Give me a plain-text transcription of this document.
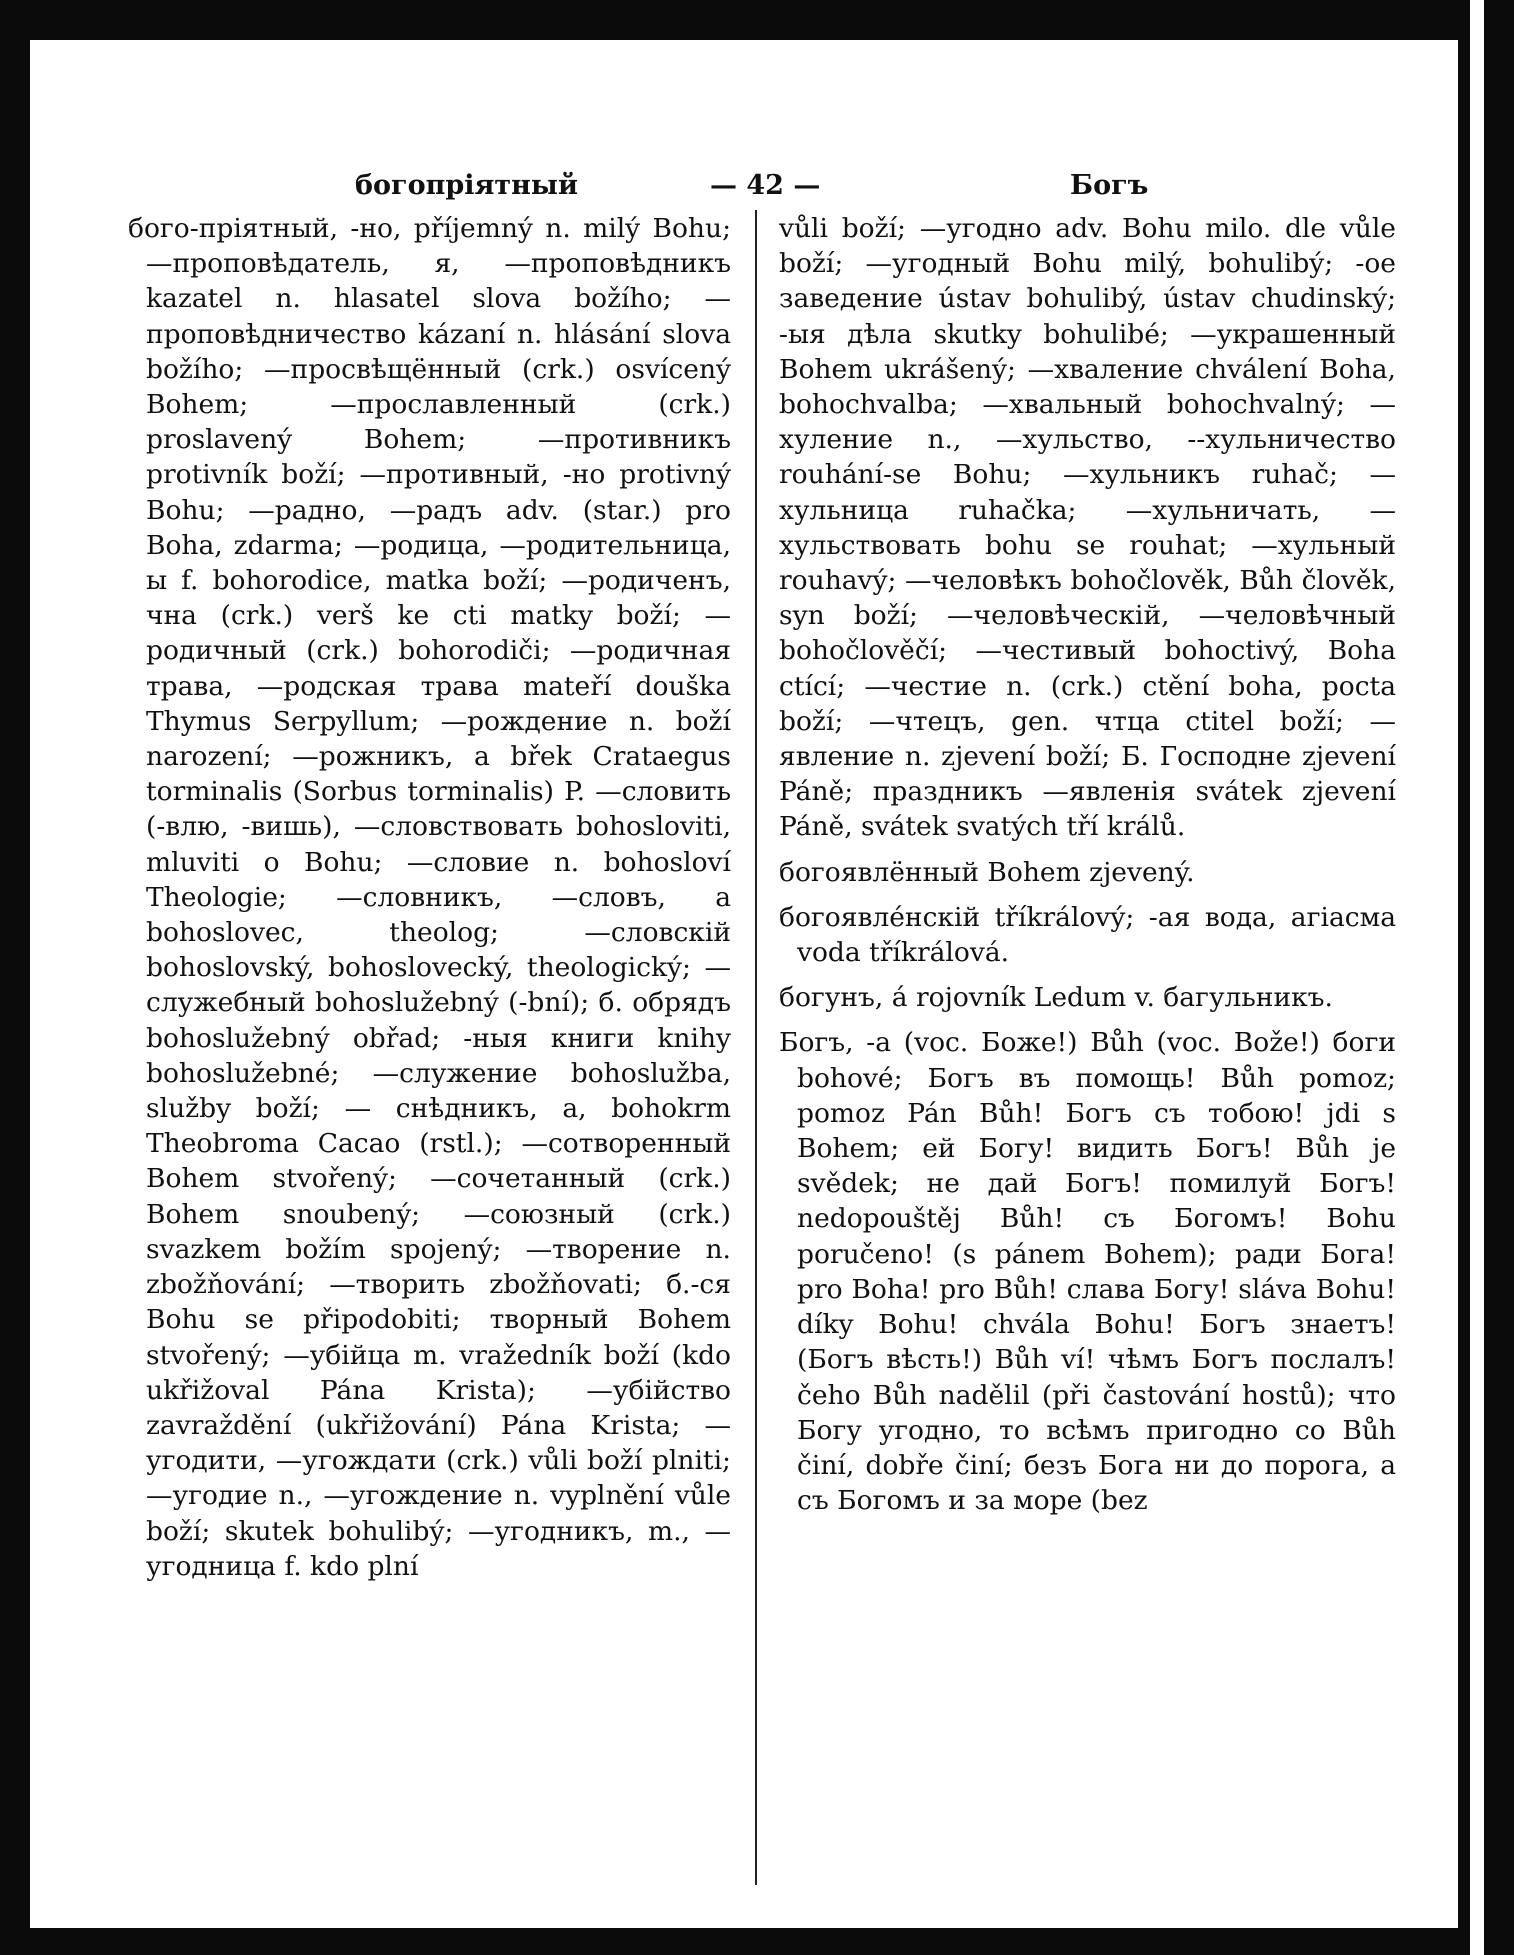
богопріятный	— 42 —	Богъ

бого-пріятный, -но, příjemný n. milý Bohu; —проповѣдатель, я, —проповѣдникъ kazatel n. hlasatel slova božího; —проповѣдничество kázaní n. hlásání slova božího; —просвѣщённый (crk.) osvícený Bohem; —прославленный (crk.) proslavený Bohem; —противникъ protivník boží; —противный, -но protivný Bohu; —радно, —радъ adv. (star.) pro Boha, zdarma; —родица, —родительница, ы f. bohorodice, matka boží; —родиченъ, чна (crk.) verš ke cti matky boží; —родичный (crk.) bohorodiči; —родичная трава, —родская трава mateří douška Thymus Serpyllum; —рождение n. boží narození; —рожникъ, a břek Crataegus torminalis (Sorbus torminalis) P. —словить (-влю, -вишь), —словствовать bohosloviti, mluviti o Bohu; —словие n. bohosloví Theologie; —словникъ, —словъ, a bohoslovec, theolog; —словскій bohoslovský, bohoslovecký, theologický; —служебный bohoslužebný (-bní); б. обрядъ bohoslužebný obřad; -ныя книги knihy bohoslužebné; —служение bohoslužba, služby boží; — снѣдникъ, a, bohokrm Theobroma Cacao (rstl.); —сотворенный Bohem stvořený; —сочетанный (crk.) Bohem snoubený; —союзный (crk.) svazkem božím spojený; —творение n. zbožňování; —творить zbožňovati; б.-ся Bohu se připodobiti; творный Bohem stvořený; —убійца m. vražedník boží (kdo ukřižoval Pána Krista); —убійство zavraždění (ukřižování) Pána Krista; —угодити, —угождати (crk.) vůli boží plniti; —угодие n., —угождение n. vyplnění vůle boží; skutek bohulibý; —угодникъ, m., —угодница f. kdo plní

vůli boží; —угодно adv. Bohu milo. dle vůle boží; —угодный Bohu milý, bohulibý; -ое заведение ústav bohulibý, ústav chudinský; -ыя дѣла skutky bohulibé; —украшенный Bohem ukrášený; —хваление chválení Boha, bohochvalba; —хвальный bohochvalný; —хуление n., —хульство, --хульничество rouhání-se Bohu; —хульникъ ruhač; —хульница ruhačka; —хульничать, —хульствовать bohu se rouhat; —хульный rouhavý; —человѣкъ bohočlověk, Bůh člověk, syn boží; —человѣческій, —человѣчный bohočlověčí; —честивый bohoctivý, Boha ctící; —честие n. (crk.) ctění boha, pocta boží; —чтецъ, gen. чтца ctitel boží; —явление n. zjevení boží; Б. Господне zjevení Páně; праздникъ —явленія svátek zjevení Páně, svátek svatých tří králů.

богоявлённый Bohem zjevený.

богоявлéнскій tříkrálový; -ая вода, агіасма voda tříkrálová.

богунъ, á rojovník Ledum v. багульникъ.

Богъ, -a (voc. Боже!) Bůh (voc. Bože!) боги bohové; Богъ въ помощь! Bůh pomoz; pomoz Pán Bůh! Богъ съ тобою! jdi s Bohem; ей Богу! видить Богъ! Bůh je svědek; не дай Богъ! помилуй Богъ! nedopouštěj Bůh! съ Богомъ! Bohu poručeno! (s pánem Bohem); ради Бога! pro Boha! pro Bůh! слава Богу! sláva Bohu! díky Bohu! chvála Bohu! Богъ знаетъ! (Богъ вѣсть!) Bůh ví! чѣмъ Богъ послалъ! čeho Bůh nadělil (při častování hostů); что Богу угодно, то всѣмъ пригодно co Bůh činí, dobře činí; безъ Бога ни до порога, а съ Богомъ и за море (bez
